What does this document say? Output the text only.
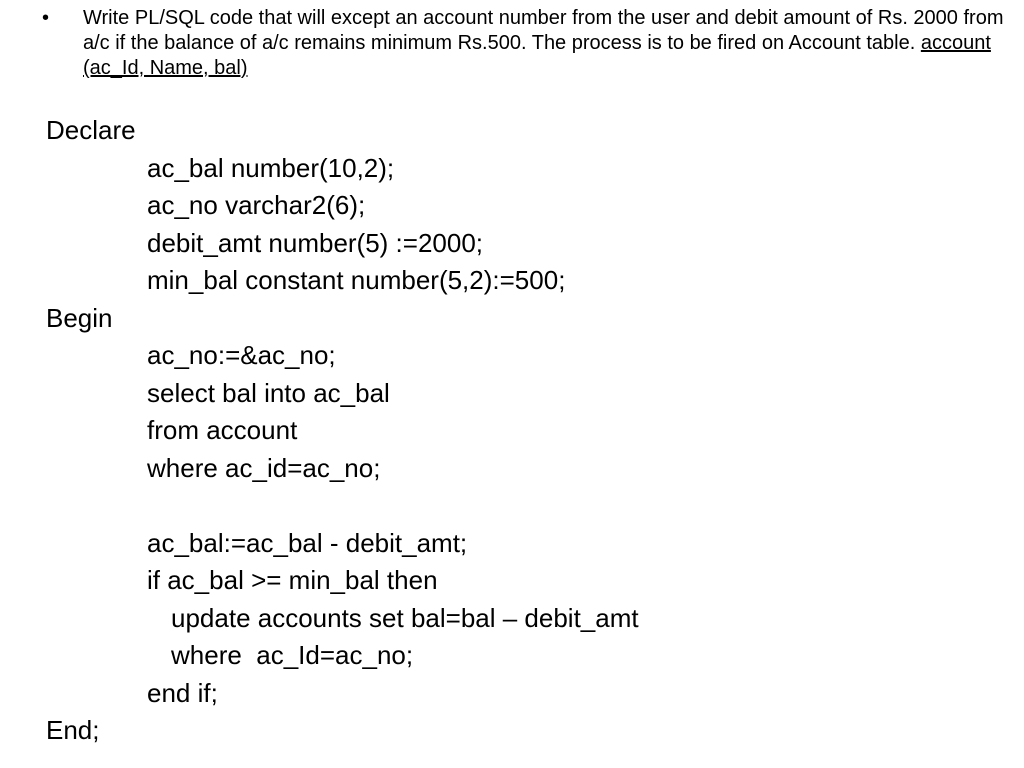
• Write PL/SQL code that will except an account number from the user and debit amount of Rs. 2000 from a/c if the balance of a/c remains minimum Rs.500. The process is to be fired on Account table. account (ac_Id, Name, bal)
Declare
ac_bal number(10,2);
ac_no varchar2(6);
debit_amt number(5) :=2000;
min_bal constant number(5,2):=500;
Begin
ac_no:=&ac_no;
select bal into ac_bal
from account
where ac_id=ac_no;
ac_bal:=ac_bal - debit_amt;
if ac_bal >= min_bal then
update accounts set bal=bal – debit_amt
where  ac_Id=ac_no;
end if;
End;
